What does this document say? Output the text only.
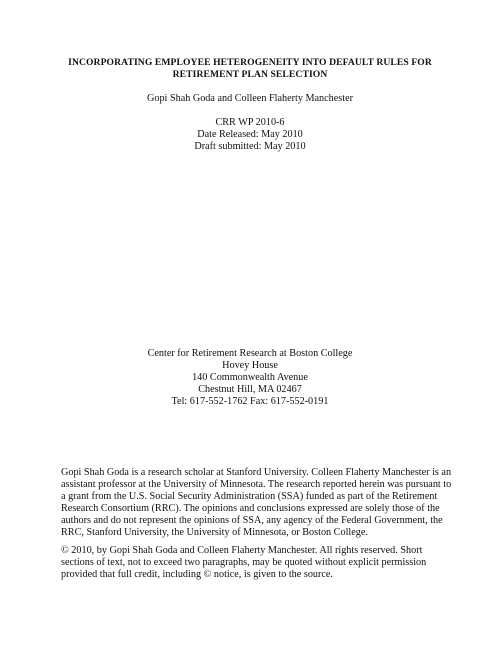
INCORPORATING EMPLOYEE HETEROGENEITY INTO DEFAULT RULES FOR
RETIREMENT PLAN SELECTION
Gopi Shah Goda and Colleen Flaherty Manchester
CRR WP 2010-6
Date Released: May 2010
Draft submitted: May 2010
Center for Retirement Research at Boston College
Hovey House
140 Commonwealth Avenue
Chestnut Hill, MA 02467
Tel: 617-552-1762 Fax: 617-552-0191
Gopi Shah Goda is a research scholar at Stanford University. Colleen Flaherty Manchester is an
assistant professor at the University of Minnesota. The research reported herein was pursuant to
a grant from the U.S. Social Security Administration (SSA) funded as part of the Retirement
Research Consortium (RRC). The opinions and conclusions expressed are solely those of the
authors and do not represent the opinions of SSA, any agency of the Federal Government, the
RRC, Stanford University, the University of Minnesota, or Boston College.
© 2010, by Gopi Shah Goda and Colleen Flaherty Manchester. All rights reserved. Short
sections of text, not to exceed two paragraphs, may be quoted without explicit permission
provided that full credit, including © notice, is given to the source.
